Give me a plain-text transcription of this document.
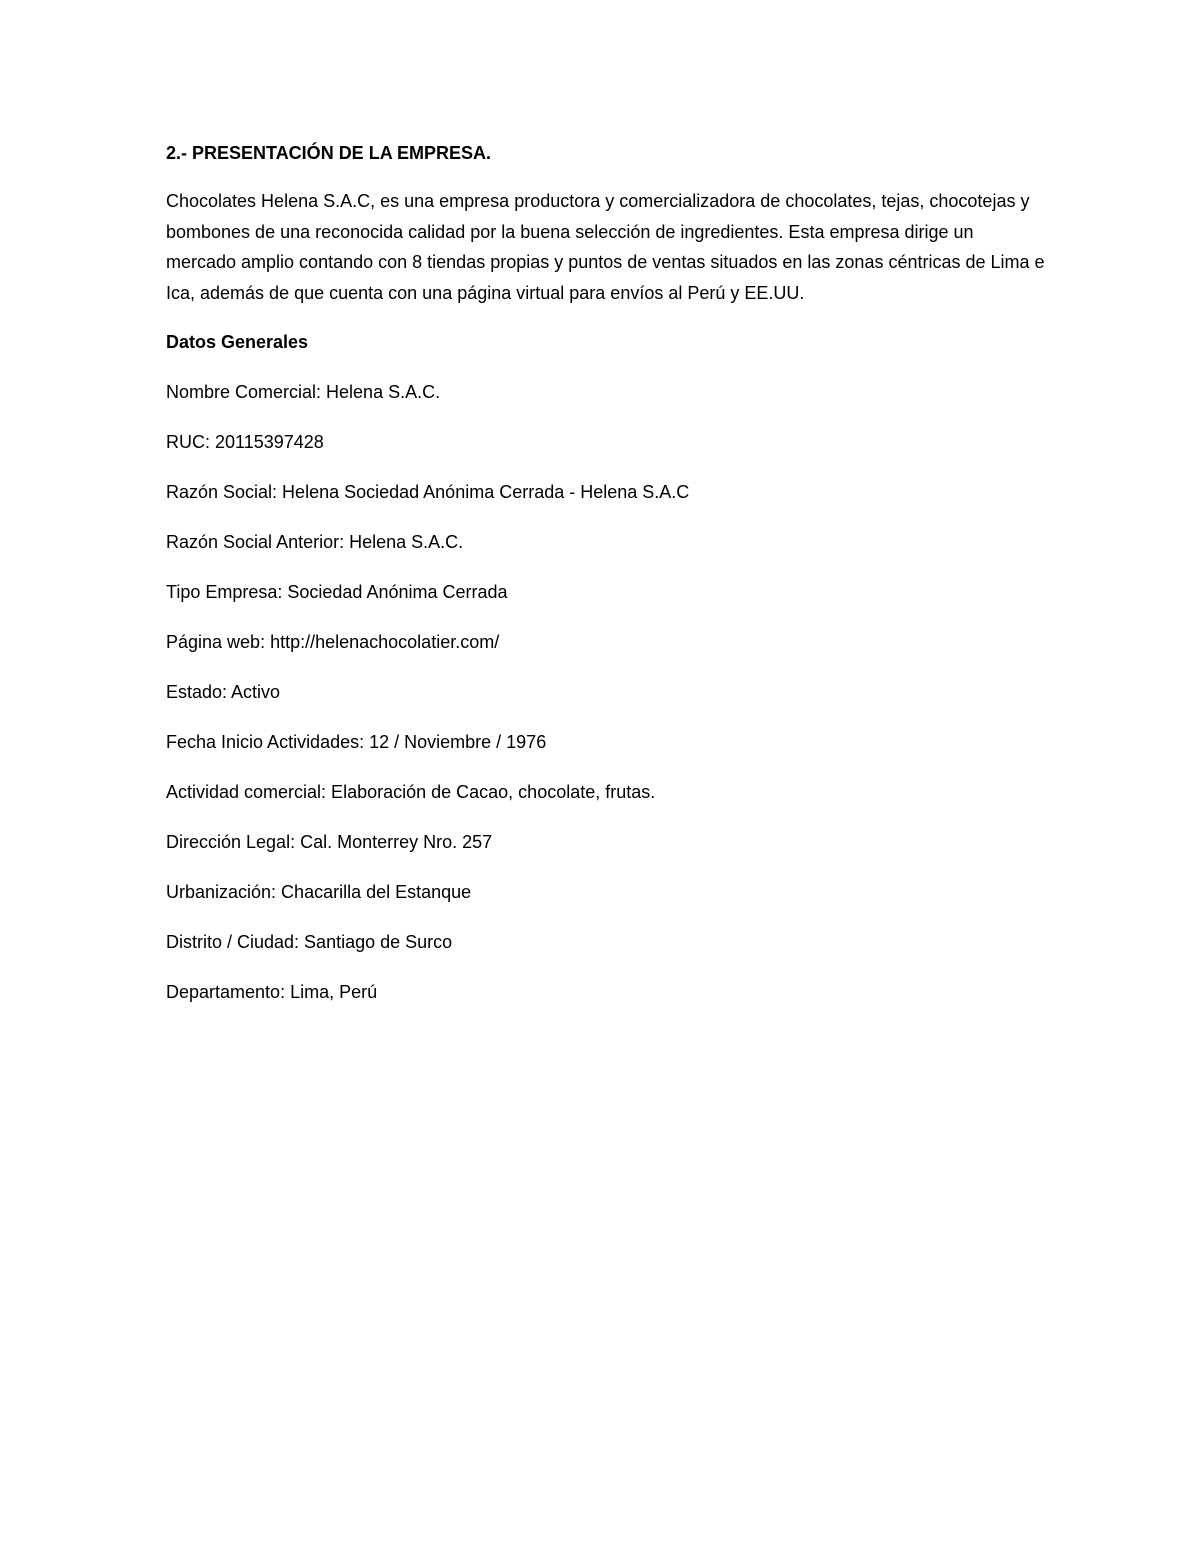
2.- PRESENTACIÓN DE LA EMPRESA.

Chocolates Helena S.A.C, es una empresa productora y comercializadora de chocolates, tejas, chocotejas y bombones de una reconocida calidad por la buena selección de ingredientes. Esta empresa dirige un mercado amplio contando con 8 tiendas propias y puntos de ventas situados en las zonas céntricas de Lima e Ica, además de que cuenta con una página virtual para envíos al Perú y EE.UU.

Datos Generales

Nombre Comercial: Helena S.A.C.

RUC: 20115397428

Razón Social: Helena Sociedad Anónima Cerrada - Helena S.A.C

Razón Social Anterior: Helena S.A.C.

Tipo Empresa: Sociedad Anónima Cerrada

Página web: http://helenachocolatier.com/

Estado: Activo

Fecha Inicio Actividades: 12 / Noviembre / 1976

Actividad comercial: Elaboración de Cacao, chocolate, frutas.

Dirección Legal: Cal. Monterrey Nro. 257

Urbanización: Chacarilla del Estanque

Distrito / Ciudad: Santiago de Surco

Departamento: Lima, Perú
